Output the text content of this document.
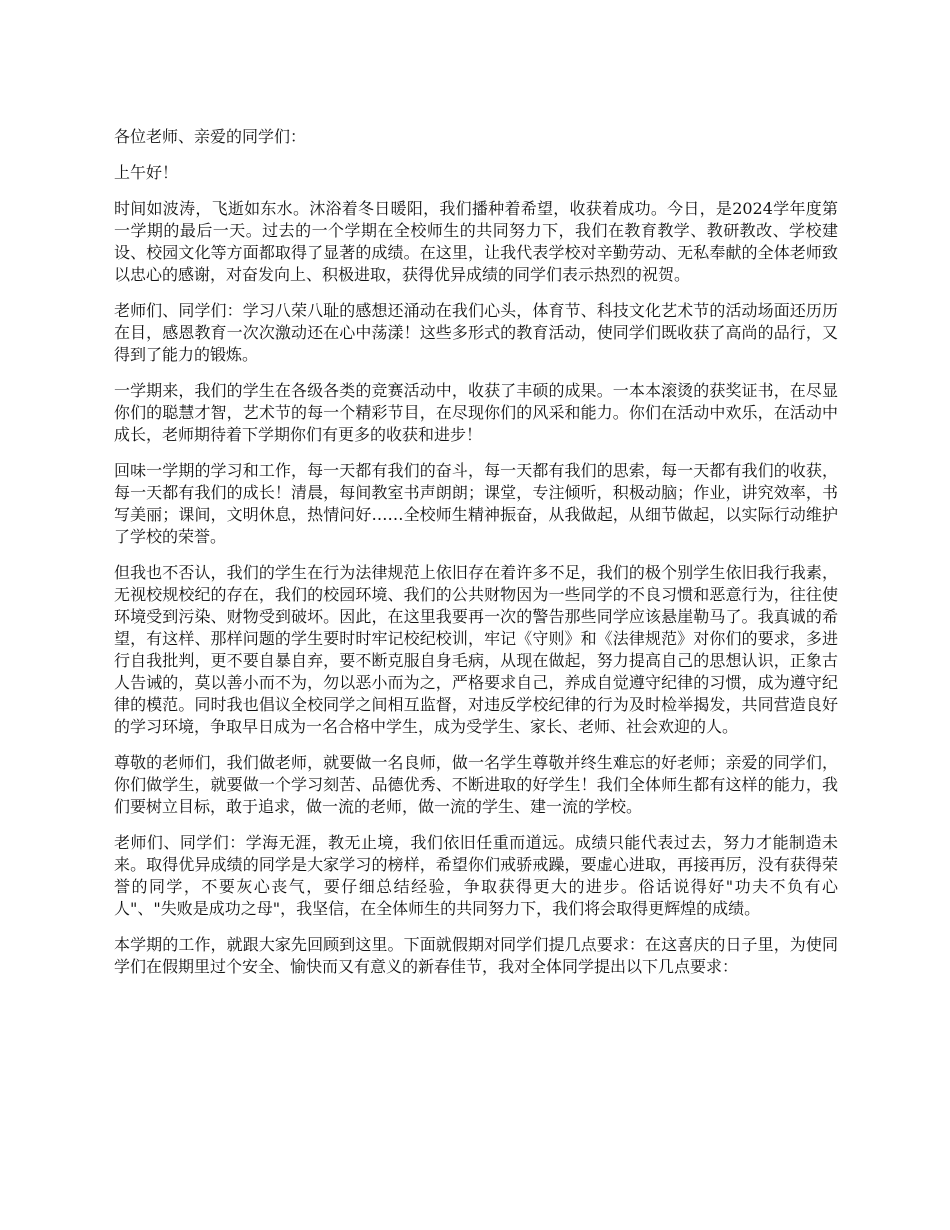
各位老师、亲爱的同学们：

上午好！

时间如波涛，飞逝如东水。沐浴着冬日暖阳，我们播种着希望，收获着成功。今日，是2024学年度第一学期的最后一天。过去的一个学期在全校师生的共同努力下，我们在教育教学、教研教改、学校建设、校园文化等方面都取得了显著的成绩。在这里，让我代表学校对辛勤劳动、无私奉献的全体老师致以忠心的感谢，对奋发向上、积极进取，获得优异成绩的同学们表示热烈的祝贺。

老师们、同学们：学习八荣八耻的感想还涌动在我们心头，体育节、科技文化艺术节的活动场面还历历在目，感恩教育一次次激动还在心中荡漾！这些多形式的教育活动，使同学们既收获了高尚的品行，又得到了能力的锻炼。

一学期来，我们的学生在各级各类的竞赛活动中，收获了丰硕的成果。一本本滚烫的获奖证书，在尽显你们的聪慧才智，艺术节的每一个精彩节目，在尽现你们的风采和能力。你们在活动中欢乐，在活动中成长，老师期待着下学期你们有更多的收获和进步！

回味一学期的学习和工作，每一天都有我们的奋斗，每一天都有我们的思索，每一天都有我们的收获，每一天都有我们的成长！清晨，每间教室书声朗朗；课堂，专注倾听，积极动脑；作业，讲究效率，书写美丽；课间，文明休息，热情问好……全校师生精神振奋，从我做起，从细节做起，以实际行动维护了学校的荣誉。

但我也不否认，我们的学生在行为法律规范上依旧存在着许多不足，我们的极个别学生依旧我行我素，无视校规校纪的存在，我们的校园环境、我们的公共财物因为一些同学的不良习惯和恶意行为，往往使环境受到污染、财物受到破坏。因此，在这里我要再一次的警告那些同学应该悬崖勒马了。我真诚的希望，有这样、那样问题的学生要时时牢记校纪校训，牢记《守则》和《法律规范》对你们的要求，多进行自我批判，更不要自暴自弃，要不断克服自身毛病，从现在做起，努力提高自己的思想认识，正象古人告诫的，莫以善小而不为，勿以恶小而为之，严格要求自己，养成自觉遵守纪律的习惯，成为遵守纪律的模范。同时我也倡议全校同学之间相互监督，对违反学校纪律的行为及时检举揭发，共同营造良好的学习环境，争取早日成为一名合格中学生，成为受学生、家长、老师、社会欢迎的人。

尊敬的老师们，我们做老师，就要做一名良师，做一名学生尊敬并终生难忘的好老师；亲爱的同学们，你们做学生，就要做一个学习刻苦、品德优秀、不断进取的好学生！我们全体师生都有这样的能力，我们要树立目标，敢于追求，做一流的老师，做一流的学生、建一流的学校。

老师们、同学们：学海无涯，教无止境，我们依旧任重而道远。成绩只能代表过去，努力才能制造未来。取得优异成绩的同学是大家学习的榜样，希望你们戒骄戒躁，要虚心进取，再接再厉，没有获得荣誉的同学，不要灰心丧气，要仔细总结经验，争取获得更大的进步。俗话说得好"功夫不负有心人"、"失败是成功之母"，我坚信，在全体师生的共同努力下，我们将会取得更辉煌的成绩。

本学期的工作，就跟大家先回顾到这里。下面就假期对同学们提几点要求：在这喜庆的日子里，为使同学们在假期里过个安全、愉快而又有意义的新春佳节，我对全体同学提出以下几点要求：
